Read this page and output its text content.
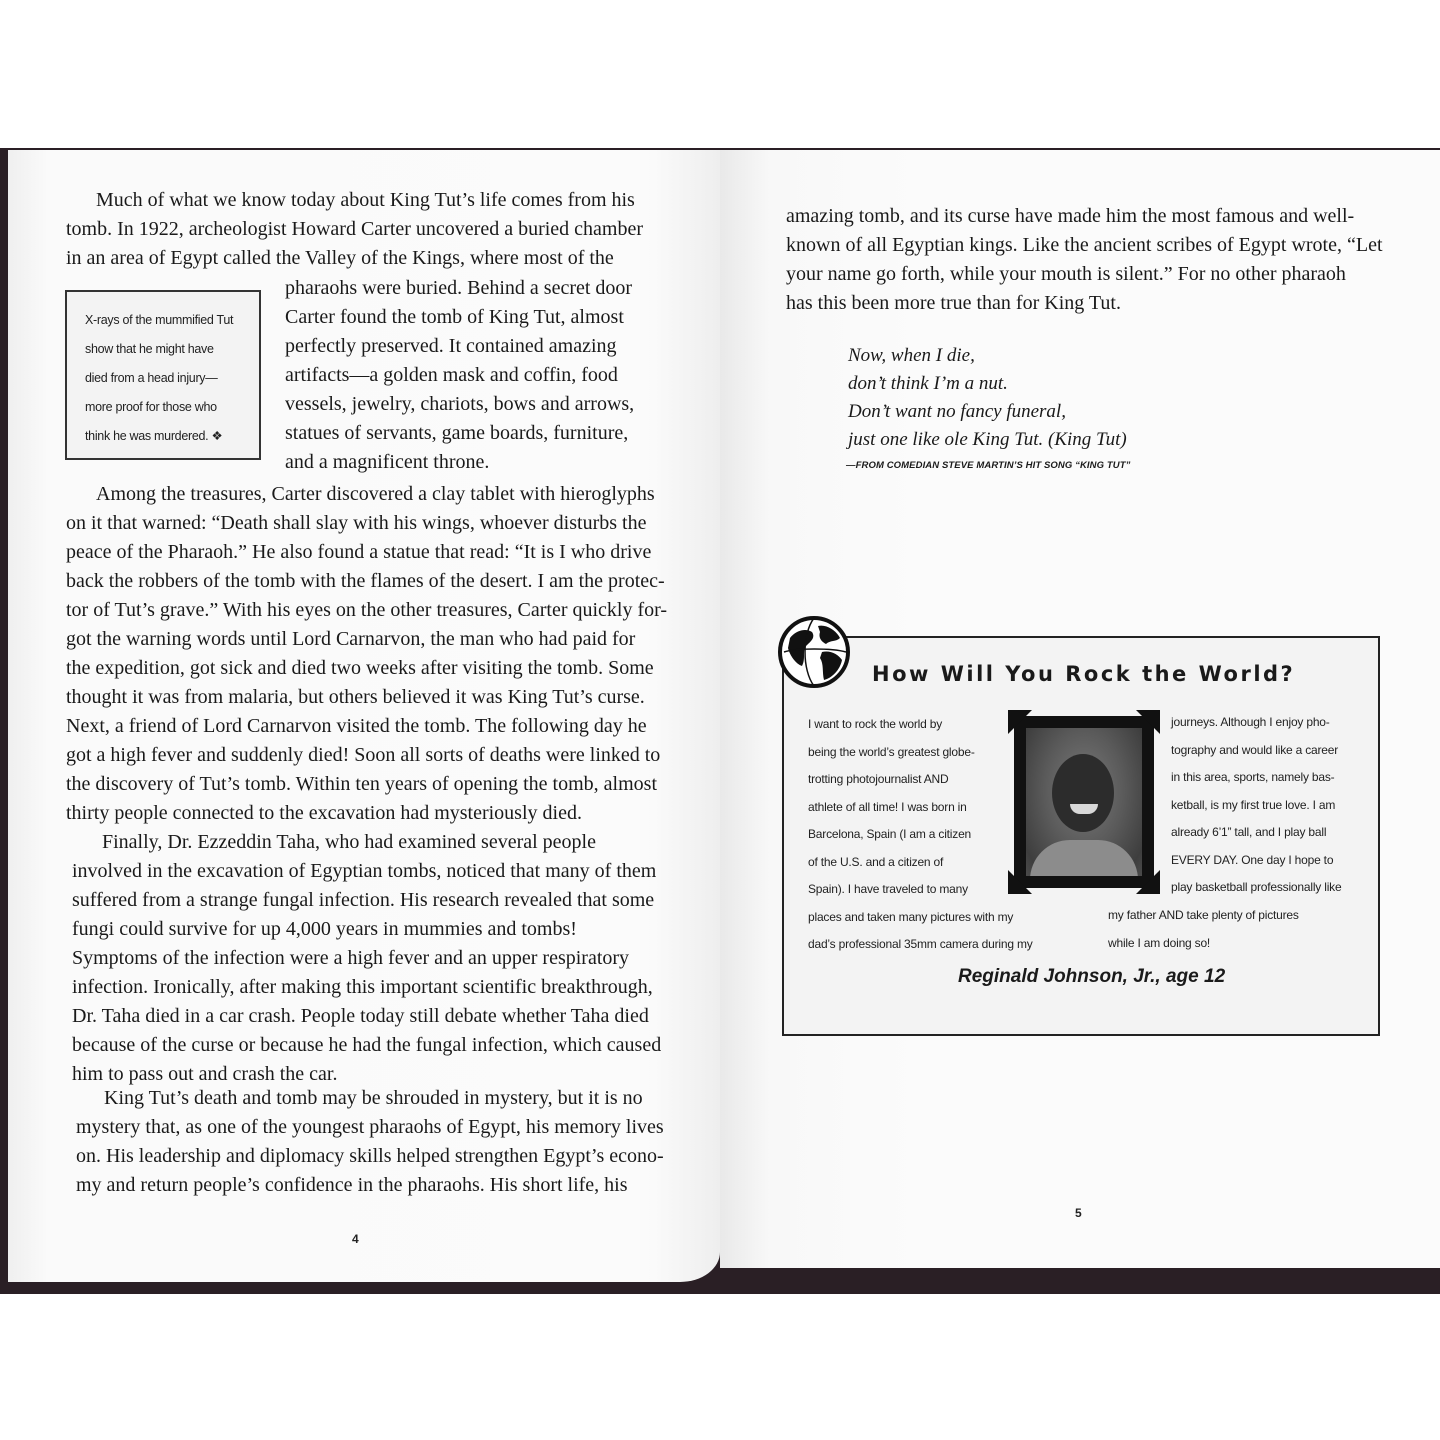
Much of what we know today about King Tut’s life comes from his
tomb. In 1922, archeologist Howard Carter uncovered a buried chamber
in an area of Egypt called the Valley of the Kings, where most of the
pharaohs were buried. Behind a secret door
Carter found the tomb of King Tut, almost
perfectly preserved. It contained amazing
artifacts—a golden mask and coffin, food
vessels, jewelry, chariots, bows and arrows,
statues of servants, game boards, furniture,
and a magnificent throne.

X-rays of the mummified Tut

show that he might have

died from a head injury—

more proof for those who

think he was murdered. ❖

Among the treasures, Carter discovered a clay tablet with hieroglyphs
on it that warned: “Death shall slay with his wings, whoever disturbs the
peace of the Pharaoh.” He also found a statue that read: “It is I who drive
back the robbers of the tomb with the flames of the desert. I am the protec-
tor of Tut’s grave.” With his eyes on the other treasures, Carter quickly for-
got the warning words until Lord Carnarvon, the man who had paid for
the expedition, got sick and died two weeks after visiting the tomb. Some
thought it was from malaria, but others believed it was King Tut’s curse.
Next, a friend of Lord Carnarvon visited the tomb. The following day he
got a high fever and suddenly died! Soon all sorts of deaths were linked to
the discovery of Tut’s tomb. Within ten years of opening the tomb, almost
thirty people connected to the excavation had mysteriously died.
Finally, Dr. Ezzeddin Taha, who had examined several people
involved in the excavation of Egyptian tombs, noticed that many of them
suffered from a strange fungal infection. His research revealed that some
fungi could survive for up 4,000 years in mummies and tombs!
Symptoms of the infection were a high fever and an upper respiratory
infection. Ironically, after making this important scientific breakthrough,
Dr. Taha died in a car crash. People today still debate whether Taha died
because of the curse or because he had the fungal infection, which caused
him to pass out and crash the car.
King Tut’s death and tomb may be shrouded in mystery, but it is no
mystery that, as one of the youngest pharaohs of Egypt, his memory lives
on. His leadership and diplomacy skills helped strengthen Egypt’s econo-
my and return people’s confidence in the pharaohs. His short life, his
4
amazing tomb, and its curse have made him the most famous and well-
known of all Egyptian kings. Like the ancient scribes of Egypt wrote, “Let
your name go forth, while your mouth is silent.” For no other pharaoh
has this been more true than for King Tut.
Now, when I die,
don’t think I’m a nut.
Don’t want no fancy funeral,
just one like ole King Tut. (King Tut)
—FROM COMEDIAN STEVE MARTIN’S HIT SONG “KING TUT”
How Will You Rock the World?
I want to rock the world by
being the world’s greatest globe-
trotting photojournalist AND
athlete of all time! I was born in
Barcelona, Spain (I am a citizen
of the U.S. and a citizen of
Spain). I have traveled to many
places and taken many pictures with my
dad’s professional 35mm camera during my
journeys. Although I enjoy pho-
tography and would like a career
in this area, sports, namely bas-
ketball, is my first true love. I am
already 6’1” tall, and I play ball
EVERY DAY. One day I hope to
play basketball professionally like
my father AND take plenty of pictures
while I am doing so!
Reginald Johnson, Jr., age 12
5
